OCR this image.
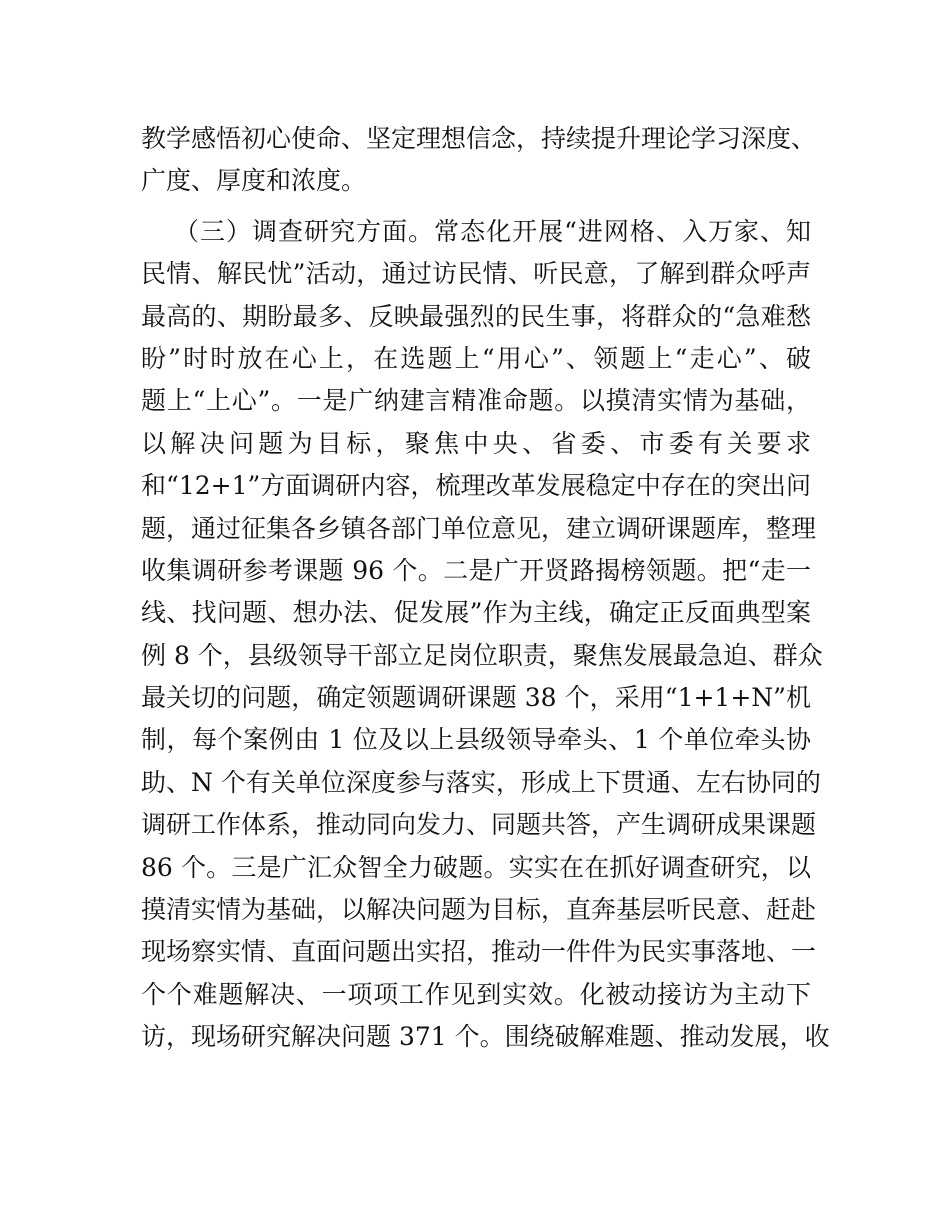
教学感悟初心使命、坚定理想信念，持续提升理论学习深度、
广度、厚度和浓度。
（三）调查研究方面。常态化开展“进网格、入万家、知
民情、解民忧”活动，通过访民情、听民意，了解到群众呼声
最高的、期盼最多、反映最强烈的民生事，将群众的“急难愁
盼”时时放在心上，在选题上“用心”、领题上“走心”、破
题上“上心”。一是广纳建言精准命题。以摸清实情为基础，
以解决问题为目标，聚焦中央、省委、市委有关要求
和“12+1”方面调研内容，梳理改革发展稳定中存在的突出问
题，通过征集各乡镇各部门单位意见，建立调研课题库，整理
收集调研参考课题 96 个。二是广开贤路揭榜领题。把“走一
线、找问题、想办法、促发展”作为主线，确定正反面典型案
例 8 个，县级领导干部立足岗位职责，聚焦发展最急迫、群众
最关切的问题，确定领题调研课题 38 个，采用“1+1+N”机
制，每个案例由 1 位及以上县级领导牵头、1 个单位牵头协
助、N 个有关单位深度参与落实，形成上下贯通、左右协同的
调研工作体系，推动同向发力、同题共答，产生调研成果课题
86 个。三是广汇众智全力破题。实实在在抓好调查研究，以
摸清实情为基础，以解决问题为目标，直奔基层听民意、赶赴
现场察实情、直面问题出实招，推动一件件为民实事落地、一
个个难题解决、一项项工作见到实效。化被动接访为主动下
访，现场研究解决问题 371 个。围绕破解难题、推动发展，收
